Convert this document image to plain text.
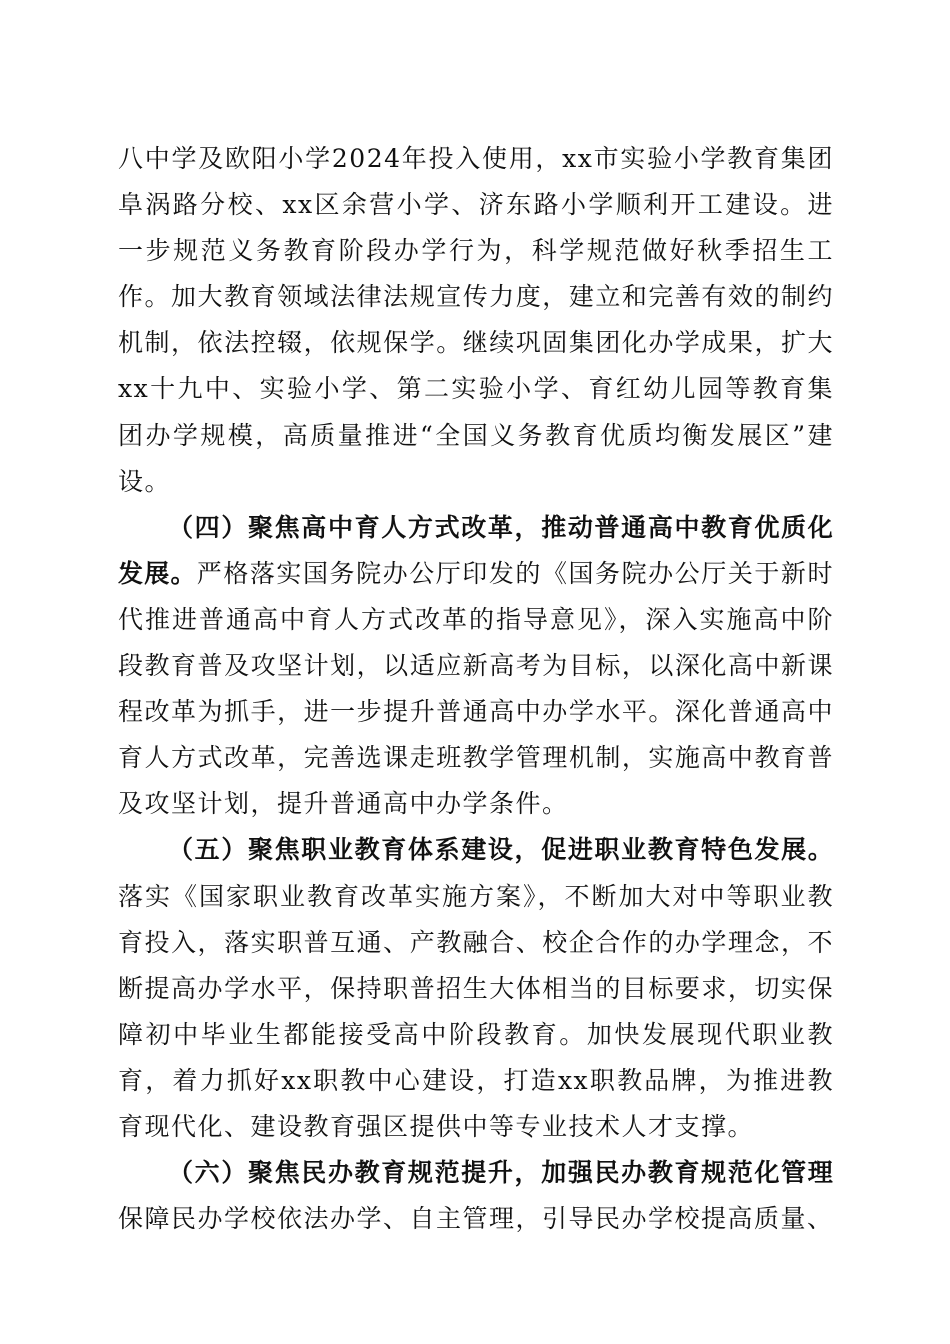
八中学及欧阳小学2024年投入使用，xx市实验小学教育集团阜涡路分校、xx区余营小学、济东路小学顺利开工建设。进一步规范义务教育阶段办学行为，科学规范做好秋季招生工作。加大教育领域法律法规宣传力度，建立和完善有效的制约机制，依法控辍，依规保学。继续巩固集团化办学成果，扩大xx十九中、实验小学、第二实验小学、育红幼儿园等教育集团办学规模，高质量推进“全国义务教育优质均衡发展区”建设。

（四）聚焦高中育人方式改革，推动普通高中教育优质化发展。严格落实国务院办公厅印发的《国务院办公厅关于新时代推进普通高中育人方式改革的指导意见》，深入实施高中阶段教育普及攻坚计划，以适应新高考为目标，以深化高中新课程改革为抓手，进一步提升普通高中办学水平。深化普通高中育人方式改革，完善选课走班教学管理机制，实施高中教育普及攻坚计划，提升普通高中办学条件。

（五）聚焦职业教育体系建设，促进职业教育特色发展。落实《国家职业教育改革实施方案》，不断加大对中等职业教育投入，落实职普互通、产教融合、校企合作的办学理念，不断提高办学水平，保持职普招生大体相当的目标要求，切实保障初中毕业生都能接受高中阶段教育。加快发展现代职业教育，着力抓好xx职教中心建设，打造xx职教品牌，为推进教育现代化、建设教育强区提供中等专业技术人才支撑。

（六）聚焦民办教育规范提升，加强民办教育规范化管理保障民办学校依法办学、自主管理，引导民办学校提高质量、
